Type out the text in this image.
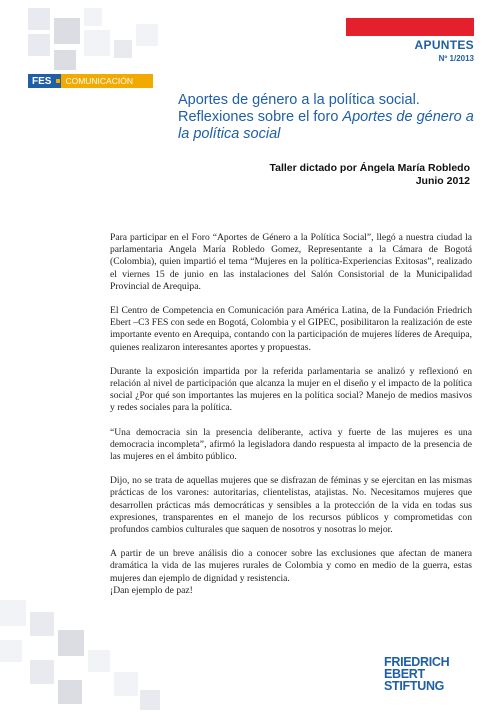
APUNTES
Nº 1/2013
FES	COMUNICACIÓN
Aportes de género a la política social. Reflexiones sobre el foro Aportes de género a la política social
Taller dictado por Ángela María Robledo
Junio 2012

Para participar en el Foro “Aportes de Género a la Política Social”, llegó a nuestra ciudad la parlamentaria Angela María Robledo Gomez, Representante a la Cámara de Bogotá (Colombia), quien impartió el tema “Mujeres en la política-Experiencias Exitosas”, realizado el viernes 15 de junio en las instalaciones del Salón Consistorial de la Municipalidad Provincial de Arequipa.

El Centro de Competencia en Comunicación para América Latina, de la Fundación Friedrich Ebert –C3 FES con sede en Bogotá, Colombia y el GIPEC, posibilitaron la realización de este importante evento en Arequipa, contando con la participación de mujeres líderes de Arequipa, quienes realizaron interesantes aportes y propuestas.

Durante la exposición impartida por la referida parlamentaria se analizó y reflexionó en relación al nivel de participación que alcanza la mujer en el diseño y el impacto de la política social ¿Por qué son importantes las mujeres en la política social? Manejo de medios masivos y redes sociales para la política.

“Una democracia sin la presencia deliberante, activa y fuerte de las mujeres es una democracia incompleta”, afirmó la legisladora dando respuesta al impacto de la presencia de las mujeres en el ámbito público.

Dijo, no se trata de aquellas mujeres que se disfrazan de féminas y se ejercitan en las mismas prácticas de los varones: autoritarias, clientelistas, atajistas. No. Necesitamos mujeres que desarrollen prácticas más democráticas y sensibles a la protección de la vida en todas sus expresiones, transparentes en el manejo de los recursos públicos y comprometidas con profundos cambios culturales que saquen de nosotros y nosotras lo mejor.

A partir de un breve análisis dio a conocer sobre las exclusiones que afectan de manera dramática la vida de las mujeres rurales de Colombia y como en medio de la guerra, estas mujeres dan ejemplo de dignidad y resistencia.

¡Dan ejemplo de paz!

FRIEDRICH
EBERT
STIFTUNG
